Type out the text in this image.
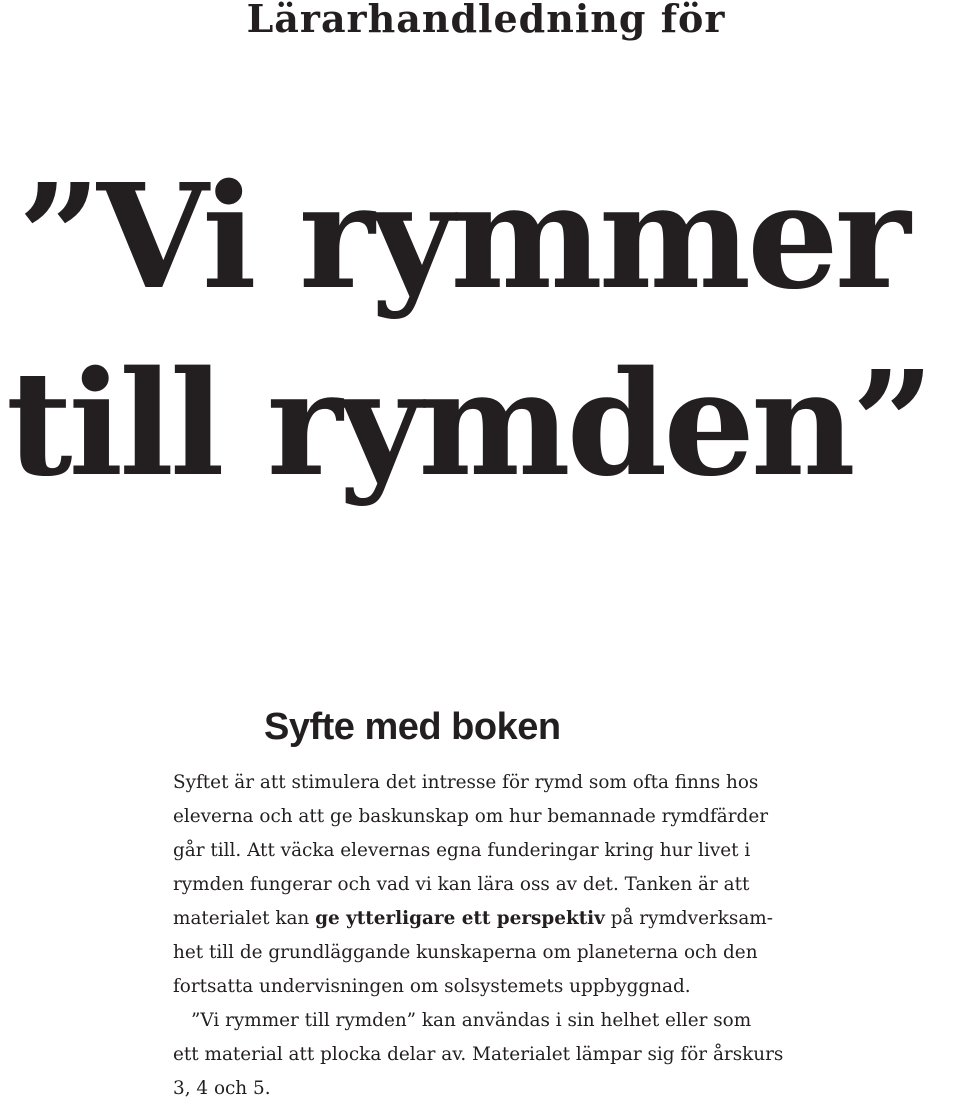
Lärarhandledning för
”Vi rymmer
till rymden”
Syfte med boken
Syftet är att stimulera det intresse för rymd som ofta finns hos
eleverna och att ge baskunskap om hur bemannade rymdfärder
går till. Att väcka elevernas egna funderingar kring hur livet i
rymden fungerar och vad vi kan lära oss av det. Tanken är att
materialet kan ge ytterligare ett perspektiv på rymdverksam-
het till de grundläggande kunskaperna om planeterna och den
fortsatta undervisningen om solsystemets uppbyggnad.
”Vi rymmer till rymden” kan användas i sin helhet eller som
ett material att plocka delar av. Materialet lämpar sig för årskurs
3, 4 och 5.
